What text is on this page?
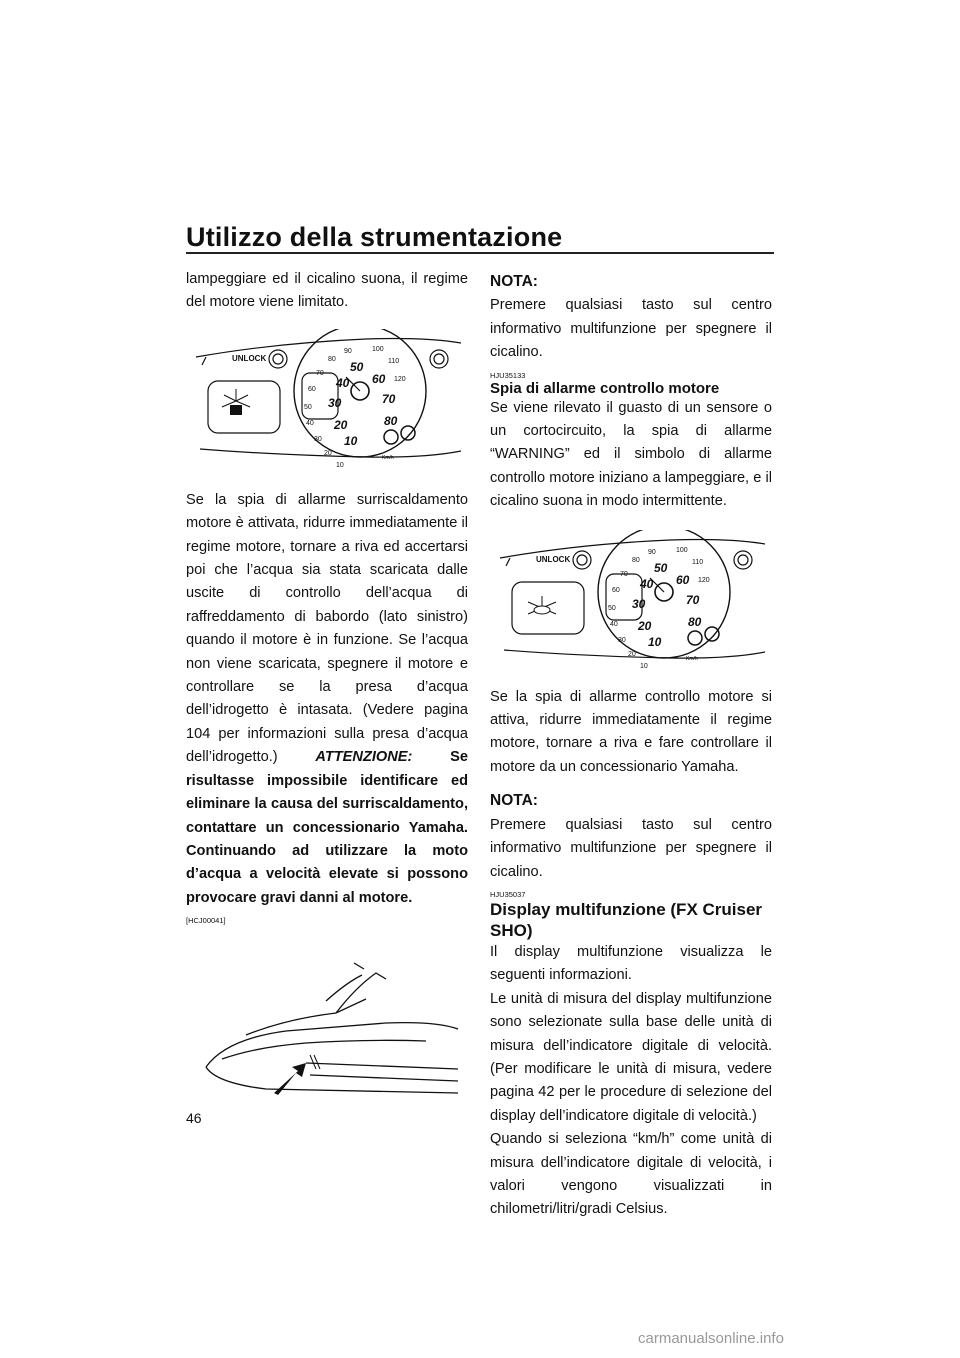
Utilizzo della strumentazione

lampeggiare ed il cicalino suona, il regime del motore viene limitato.

UNLOCK
10
20
30
40
50
60
70
80
90	100
110
120
10
20
30
40
50
60
70
80
Km/h

Se la spia di allarme surriscaldamento motore è attivata, ridurre immediatamente il regime motore, tornare a riva ed accertarsi poi che l’acqua sia stata scaricata dalle uscite di controllo dell’acqua di raffreddamento di babordo (lato sinistro) quando il motore è in funzione. Se l’acqua non viene scaricata, spegnere il motore e controllare se la presa d’acqua dell’idrogetto è intasata. (Vedere pagina 104 per informazioni sulla presa d’acqua dell’idrogetto.)	ATTENZIONE:	Se risultasse impossibile identificare ed eliminare la causa del surriscaldamento, contattare un concessionario Yamaha. Continuando ad utilizzare la moto d’acqua a velocità elevate si possono provocare gravi danni al motore.

[HCJ00041]
NOTA:

Premere qualsiasi tasto sul centro informativo multifunzione per spegnere il cicalino.

HJU35133

Spia di allarme controllo motore

Se viene rilevato il guasto di un sensore o un cortocircuito, la spia di allarme “WARNING” ed il simbolo di allarme controllo motore iniziano a lampeggiare, e il cicalino suona in modo intermittente.

UNLOCK
10
20
30
40
50
60
70
80
90	100
110
120
10
20
30
40
50
60
70
80
Km/h

Se la spia di allarme controllo motore si attiva, ridurre immediatamente il regime motore, tornare a riva e fare controllare il motore da un concessionario Yamaha.

NOTA:

Premere qualsiasi tasto sul centro informativo multifunzione per spegnere il cicalino.

HJU35037

Display multifunzione (FX Cruiser SHO)

Il display multifunzione visualizza le seguenti informazioni.

Le unità di misura del display multifunzione sono selezionate sulla base delle unità di misura dell’indicatore digitale di velocità. (Per modificare le unità di misura, vedere pagina 42 per le procedure di selezione del display dell’indicatore digitale di velocità.)

Quando si seleziona “km/h” come unità di misura dell’indicatore digitale di velocità, i valori vengono visualizzati in chilometri/litri/gradi Celsius.

46
carmanualsonline.info
